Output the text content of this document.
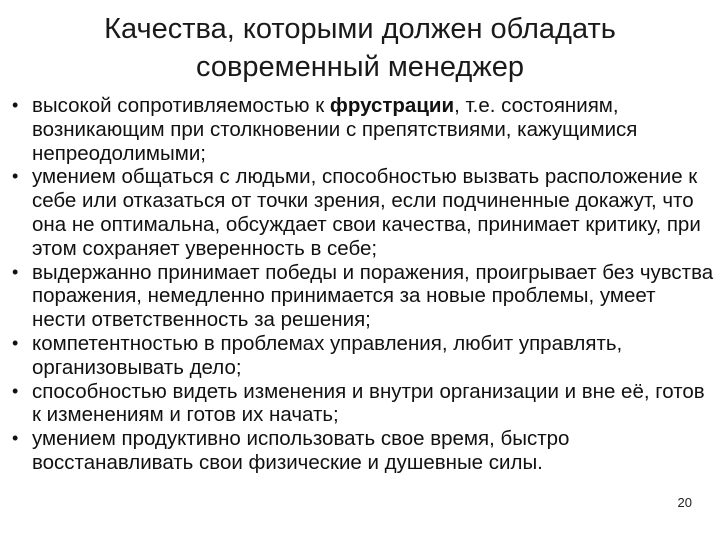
Качества, которыми должен обладать
современный менеджер
• высокой сопротивляемостью к фрустрации, т.е. состояниям, возникающим при столкновении с препятствиями, кажущимися непреодолимыми;
• умением общаться с людьми, способностью вызвать расположение к себе или отказаться от точки зрения, если подчиненные докажут, что она не оптимальна, обсуждает свои качества, принимает критику, при этом сохраняет уверенность в себе;
• выдержанно принимает победы и поражения, проигрывает без чувства поражения, немедленно принимается за новые проблемы, умеет нести ответственность за решения;
• компетентностью в проблемах управления, любит управлять, организовывать дело;
• способностью видеть изменения и внутри организации и вне её, готов к изменениям и готов их начать;
• умением продуктивно использовать свое время, быстро восстанавливать свои физические и душевные силы.
20
